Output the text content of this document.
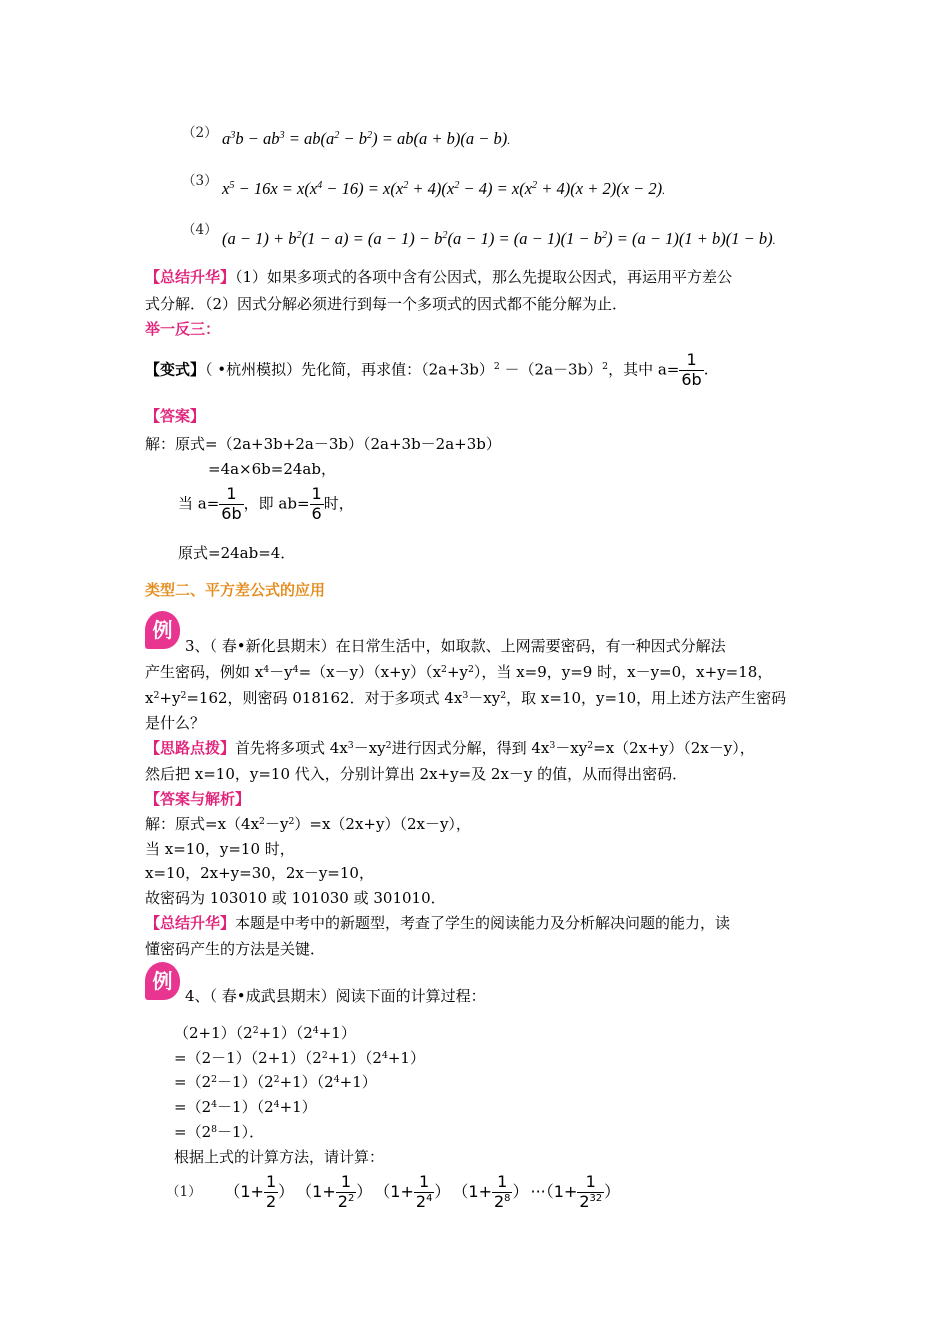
（2） $a^3b - ab^3 = ab(a^2 - b^2) = ab(a + b)(a - b)$.
（3） $x^5 - 16x = x(x^4 - 16) = x(x^2 + 4)(x^2 - 4) = x(x^2 + 4)(x + 2)(x - 2)$.
（4） $(a - 1) + b^2(1 - a) = (a - 1) - b^2(a - 1) = (a - 1)(1 - b^2) = (a - 1)(1 + b)(1 - b)$.
【总结升华】（1）如果多项式的各项中含有公因式，那么先提取公因式，再运用平方差公
式分解．（2）因式分解必须进行到每一个多项式的因式都不能分解为止．
举一反三：
【变式】（ •杭州模拟）先化简，再求值：$(2a+3b)^2 -(2a-3b)^2$，其中 $a= \frac{1}{6b}$ .
【答案】
解：原式=（2a+3b+2a－3b）（2a+3b－2a+3b）
=4a×6b=24ab，
当 $a= \frac{1}{6b}$ ，即 $ab= \frac{1}{6}$ 时，
原式=24ab=4．
类型二、平方差公式的应用
例
3、（ 春•新化县期末）在日常生活中，如取款、上网需要密码，有一种因式分解法
产生密码，例如 $x^4-y^4=(x-y)(x+y)(x^2+y^2)$，当 x=9，y=9 时，x－y=0，x+y=18，
$x^2+y^2=162$，则密码 018162．对于多项式 $4x^3-xy^2$，取 x=10，y=10，用上述方法产生密码
是什么？
【思路点拨】首先将多项式 $4x^3-xy^2$进行因式分解，得到 $4x^3-xy^2=x(2x+y)(2x-y)$，
然后把 x=10，y=10 代入，分别计算出 2x+y=及 2x－y 的值，从而得出密码．
【答案与解析】
解：原式$=x(4x^2-y^2)=x(2x+y)(2x-y)$，
当 x=10，y=10 时，
x=10，2x+y=30，2x－y=10，
故密码为 103010 或 101030 或 301010．
【总结升华】本题是中考中的新题型，考查了学生的阅读能力及分析解决问题的能力，读
懂密码产生的方法是关键．
例
4、（ 春•成武县期末）阅读下面的计算过程：
$(2+1)(2^2+1)(2^4+1)$
$=(2-1)(2+1)(2^2+1)(2^4+1)$
$=(2^2-1)(2^2+1)(2^4+1)$
$=(2^4-1)(2^4+1)$
$=(2^8-1)$．
根据上式的计算方法，请计算：
（1） （$1+ \frac{1}{2}$ ） （$1+ \frac{1}{2^2}$ ） （$1+ \frac{1}{2^4}$ ） （$1+ \frac{1}{2^8}$ ） $\cdot\cdot\cdot(1+ \frac{1}{2^{32}}$ ）
